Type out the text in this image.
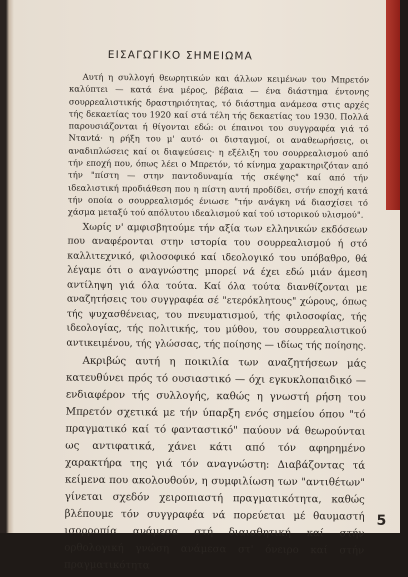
ΕΙΣΑΓΩΓΙΚΟ ΣΗΜΕΙΩΜΑ

Αυτή η συλλογή θεωρητικών και άλλων κειμένων του Μπρετόν καλύπτει — κατά ένα μέρος, βέβαια — ένα διάστημα έντονης σουρρεαλιστικής δραστηριότητας, τό διάστημα ανάμεσα στις αρχές τής δεκαετίας του 1920 καί στά τέλη τής δεκαετίας του 1930. Πολλά παρουσιάζονται ή θίγονται εδώ: οι έπαινοι του συγγραφέα γιά τό Ντανtά· η ρήξη του μ' αυτό· οι δισταγμοί, οι αναθεωρήσεις, οι αναδιπλώσεις καί οι διαψεύσεις· η εξέλιξη του σουρρεαλισμού από τήν εποχή που, όπως λέει ο Μπρετόν, τό κίνημα χαρακτηριζόταν από τήν "πίστη — στην παντοδυναμία τής σκέψης" καί από τήν ιδεαλιστική προδιάθεση που η πίστη αυτή προδίδει, στήν εποχή κατά τήν οποία ο σουρρεαλισμός ένιωσε "τήν ανάγκη νά διασχίσει τό χάσμα μεταξύ τού απόλυτου ιδεαλισμού καί τού ιστορικού υλισμού".

Χωρίς ν' αμφισβητούμε τήν αξία των ελληνικών εκδόσεων που αναφέρονται στην ιστορία του σουρρεαλισμού ή στό καλλιτεχνικό, φιλοσοφικό καί ιδεολογικό του υπόβαθρο, θά λέγαμε ότι ο αναγνώστης μπορεί νά έχει εδώ μιάν άμεση αντίληψη γιά όλα τούτα. Καί όλα τούτα διανθίζονται με αναζητήσεις του συγγραφέα σέ "ετερόκλητους" χώρους, όπως τής ψυχασθένειας, του πνευματισμού, τής φιλοσοφίας, τής ιδεολογίας, τής πολιτικής, του μύθου, του σουρρεαλιστικού αντικειμένου, τής γλώσσας, τής ποίησης — ιδίως τής ποίησης.

Ακριβώς αυτή η ποικιλία των αναζητήσεων μάς κατευθύνει πρός τό ουσιαστικό — όχι εγκυκλοπαιδικό — ενδιαφέρον τής συλλογής, καθώς η γνωστή ρήση του Μπρετόν σχετικά με τήν ύπαρξη ενός σημείου όπου "τό πραγματικό καί τό φανταστικό" παύουν νά θεωρούνται ως αντιφατικά, χάνει κάτι από τόν αφηρημένο χαρακτήρα της γιά τόν αναγνώστη: Διαβάζοντας τά κείμενα που ακολουθούν, η συμφιλίωση των "αντιθέτων" γίνεται σχεδόν χειροπιαστή πραγματικότητα, καθώς βλέπουμε τόν συγγραφέα νά πορεύεται μέ θαυμαστή ισορροπία ανάμεσα στή διαισθητική καί στήν ορθολογική γνώση ανάμεσα στ' όνειρο καί στήν πραγματικότητα

5
